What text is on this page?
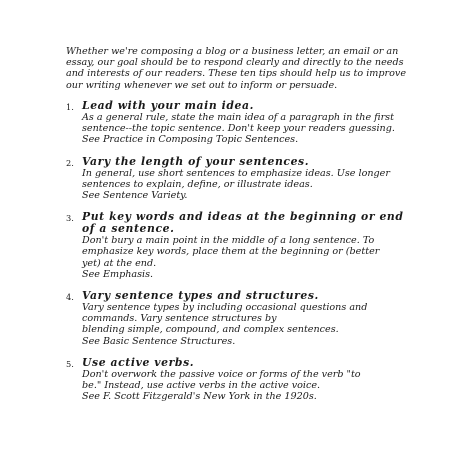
Whether we're composing a blog or a business letter, an email or an essay, our goal should be to respond clearly and directly to the needs and interests of our readers. These ten tips should help us to improve our writing whenever we set out to inform or persuade.

1. Lead with your main idea.
As a general rule, state the main idea of a paragraph in the first
sentence--the topic sentence. Don't keep your readers guessing.
See Practice in Composing Topic Sentences.
2. Vary the length of your sentences.
In general, use short sentences to emphasize ideas. Use longer
sentences to explain, define, or illustrate ideas.
See Sentence Variety.
3. Put key words and ideas at the beginning or end of a sentence.
Don't bury a main point in the middle of a long sentence. To
emphasize key words, place them at the beginning or (better
yet) at the end.
See Emphasis.
4. Vary sentence types and structures.
Vary sentence types by including occasional questions and
commands. Vary sentence structures by
blending simple, compound, and complex sentences.
See Basic Sentence Structures.
5. Use active verbs.
Don't overwork the passive voice or forms of the verb "to
be." Instead, use active verbs in the active voice.
See F. Scott Fitzgerald's New York in the 1920s.
